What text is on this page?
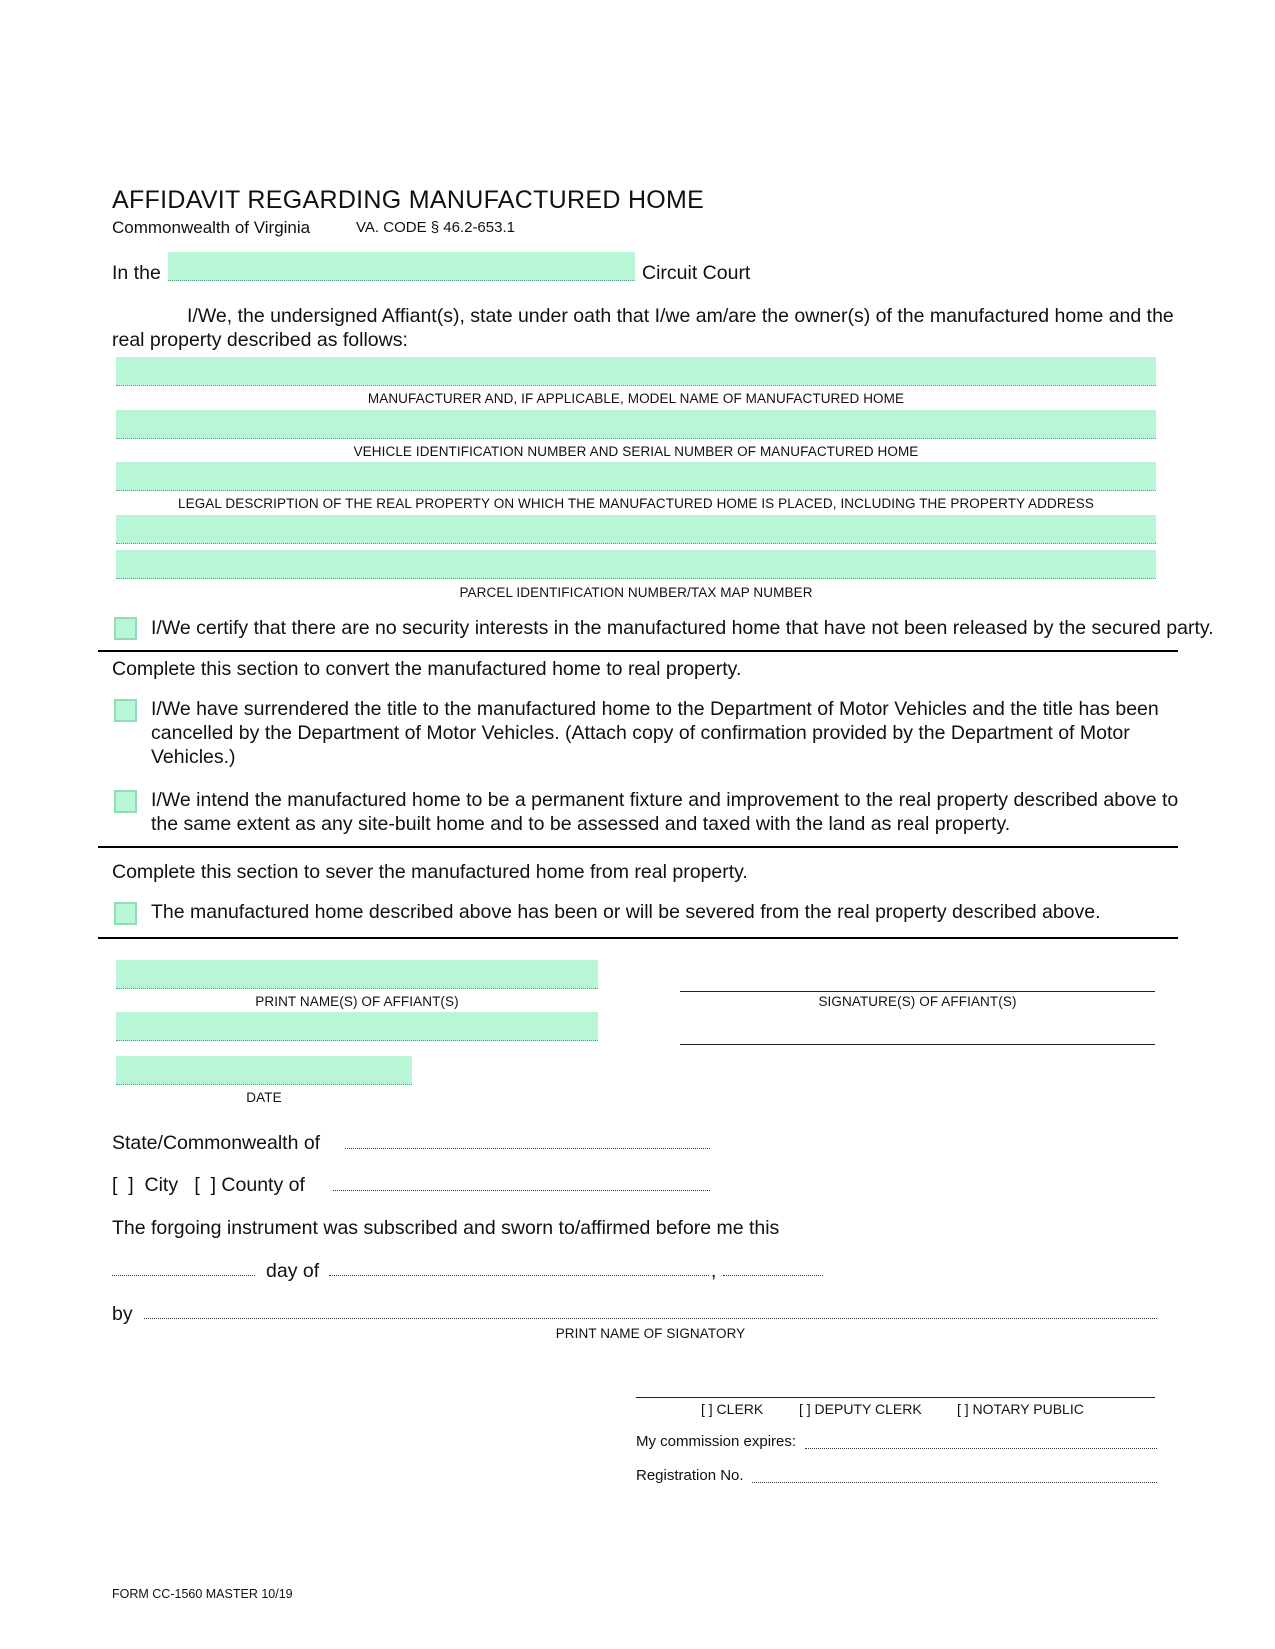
AFFIDAVIT REGARDING MANUFACTURED HOME
Commonwealth of Virginia	VA. CODE § 46.2-653.1
In the	Circuit Court
I/We, the undersigned Affiant(s), state under oath that I/we am/are the owner(s) of the manufactured home and the
real property described as follows:
MANUFACTURER AND, IF APPLICABLE, MODEL NAME OF MANUFACTURED HOME
VEHICLE IDENTIFICATION NUMBER AND SERIAL NUMBER OF MANUFACTURED HOME
LEGAL DESCRIPTION OF THE REAL PROPERTY ON WHICH THE MANUFACTURED HOME IS PLACED, INCLUDING THE PROPERTY ADDRESS
PARCEL IDENTIFICATION NUMBER/TAX MAP NUMBER
I/We certify that there are no security interests in the manufactured home that have not been released by the secured party.
Complete this section to convert the manufactured home to real property.
I/We have surrendered the title to the manufactured home to the Department of Motor Vehicles and the title has been
cancelled by the Department of Motor Vehicles. (Attach copy of confirmation provided by the Department of Motor
Vehicles.)
I/We intend the manufactured home to be a permanent fixture and improvement to the real property described above to
the same extent as any site-built home and to be assessed and taxed with the land as real property.
Complete this section to sever the manufactured home from real property.
The manufactured home described above has been or will be severed from the real property described above.
PRINT NAME(S) OF AFFIANT(S)	SIGNATURE(S) OF AFFIANT(S)
DATE
State/Commonwealth of
[  ]  City   [  ] County of
The forgoing instrument was subscribed and sworn to/affirmed before me this
day of	,
by
PRINT NAME OF SIGNATORY
[ ] CLERK	[ ] DEPUTY CLERK	[ ] NOTARY PUBLIC
My commission expires:
Registration No.
FORM CC-1560 MASTER 10/19
